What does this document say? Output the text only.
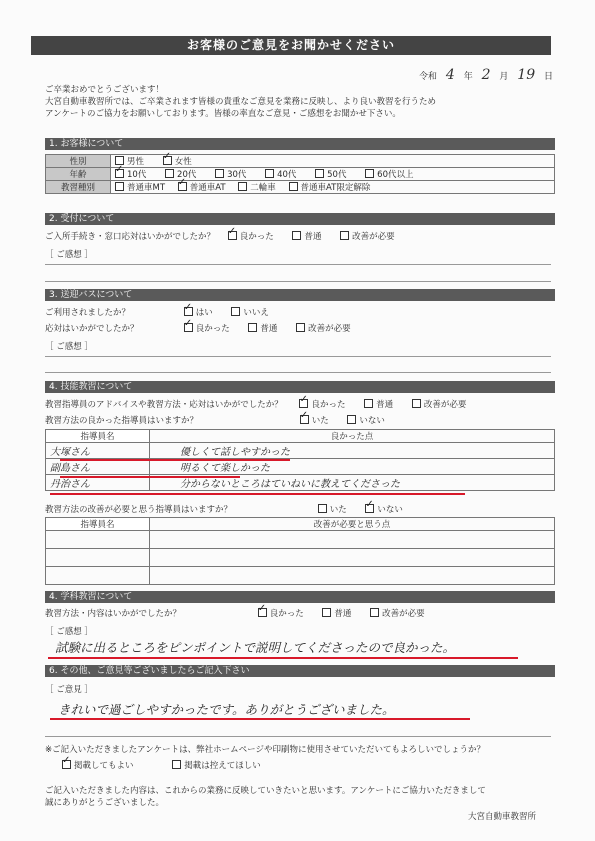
お客様のご意見をお聞かせください
令和 4 年 2 月 19 日
ご卒業おめでとうございます！
大宮自動車教習所では、ご卒業されます皆様の貴重なご意見を業務に反映し、より良い教習を行うため
アンケートのご協力をお願いしております。皆様の率直なご意見・ご感想をお聞かせ下さい。
1. お客様について
性別	男性 ✓ 女性
年齢	✓10代 20代 30代 40代 50代 60代以上
教習種別	普通車MT ✓ 普通車AT 二輪車 普通車AT限定解除
2. 受付について
ご入所手続き・窓口応対はいかがでしたか？ ✓	良かった	普通	改善が必要
［ ご感想 ］
3. 送迎バスについて
ご利用されましたか？ ✓	はい	いいえ
応対はいかがでしたか？ ✓	良かった	普通	改善が必要
［ ご感想 ］
4. 技能教習について
教習指導員のアドバイスや教習方法・応対はいかがでしたか？ ✓	良かった	普通	改善が必要
教習方法の良かった指導員はいますか？ ✓	いた	いない
指導員名	良かった点
大塚さん	優しくて話しやすかった
副島さん	明るくて楽しかった
丹治さん	分からないところはていねいに教えてくださった
教習方法の改善が必要と思う指導員はいますか？	いた ✓	いない
指導員名	改善が必要と思う点

4. 学科教習について
教習方法・内容はいかがでしたか？ ✓	良かった	普通	改善が必要
［ ご感想 ］
試験に出るところをピンポイントで説明してくださったので良かった。
6. その他、ご意見等ございましたらご記入下さい
［ ご意見 ］
きれいで過ごしやすかったです。ありがとうございました。
※ご記入いただきましたアンケートは、弊社ホームページや印刷物に使用させていただいてもよろしいでしょうか？
✓掲載してもよい	掲載は控えてほしい
ご記入いただきました内容は、これからの業務に反映していきたいと思います。アンケートにご協力いただきまして
誠にありがとうございました。
大宮自動車教習所
